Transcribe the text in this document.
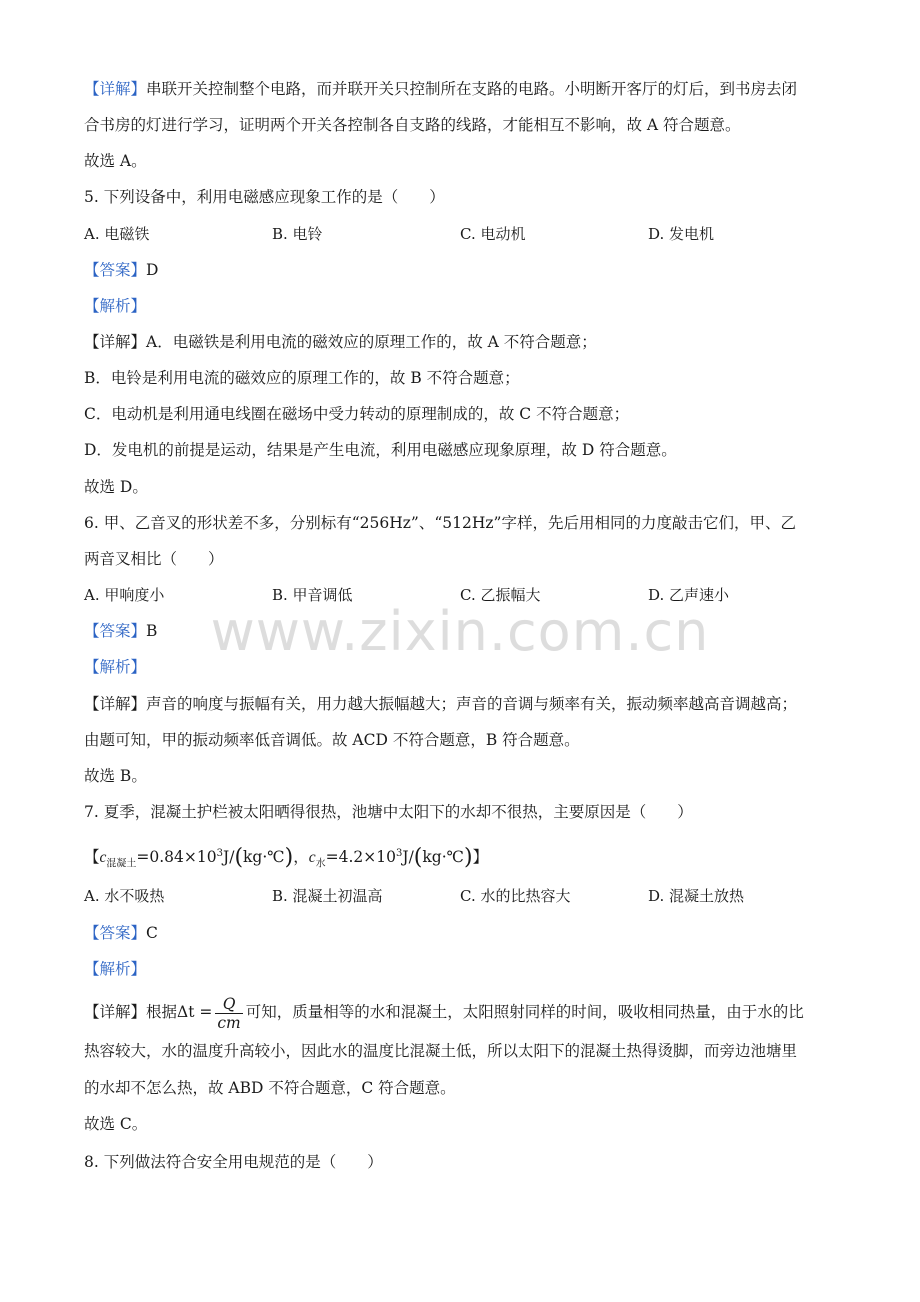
www.zixin.com.cn
【详解】串联开关控制整个电路，而并联开关只控制所在支路的电路。小明断开客厅的灯后，到书房去闭
合书房的灯进行学习，证明两个开关各控制各自支路的线路，才能相互不影响，故 A 符合题意。
故选 A。
5. 下列设备中，利用电磁感应现象工作的是（　　）
A. 电磁铁	B. 电铃	C. 电动机	D. 发电机
【答案】D
【解析】
【详解】A．电磁铁是利用电流的磁效应的原理工作的，故 A 不符合题意；
B．电铃是利用电流的磁效应的原理工作的，故 B 不符合题意；
C．电动机是利用通电线圈在磁场中受力转动的原理制成的，故 C 不符合题意；
D．发电机的前提是运动，结果是产生电流，利用电磁感应现象原理，故 D 符合题意。
故选 D。
6. 甲、乙音叉的形状差不多，分别标有“256Hz”、“512Hz”字样，先后用相同的力度敲击它们，甲、乙
两音叉相比（　　）
A. 甲响度小	B. 甲音调低	C. 乙振幅大	D. 乙声速小
【答案】B
【解析】
【详解】声音的响度与振幅有关，用力越大振幅越大；声音的音调与频率有关，振动频率越高音调越高；
由题可知，甲的振动频率低音调低。故 ACD 不符合题意，B 符合题意。
故选 B。
7. 夏季，混凝土护栏被太阳晒得很热，池塘中太阳下的水却不很热，主要原因是（　　）
【$c_{混凝土}=0.84\times 10^3J/(kg\cdot℃)$，$c_水=4.2\times 10^3J/(kg\cdot℃)$】
A. 水不吸热	B. 混凝土初温高	C. 水的比热容大	D. 混凝土放热
【答案】C
【解析】
【详解】根据$\Delta t = \frac{Q}{cm}$ 可知，质量相等的水和混凝土，太阳照射同样的时间，吸收相同热量，由于水的比
热容较大，水的温度升高较小，因此水的温度比混凝土低，所以太阳下的混凝土热得烫脚，而旁边池塘里
的水却不怎么热，故 ABD 不符合题意，C 符合题意。
故选 C。
8. 下列做法符合安全用电规范的是（　　）
